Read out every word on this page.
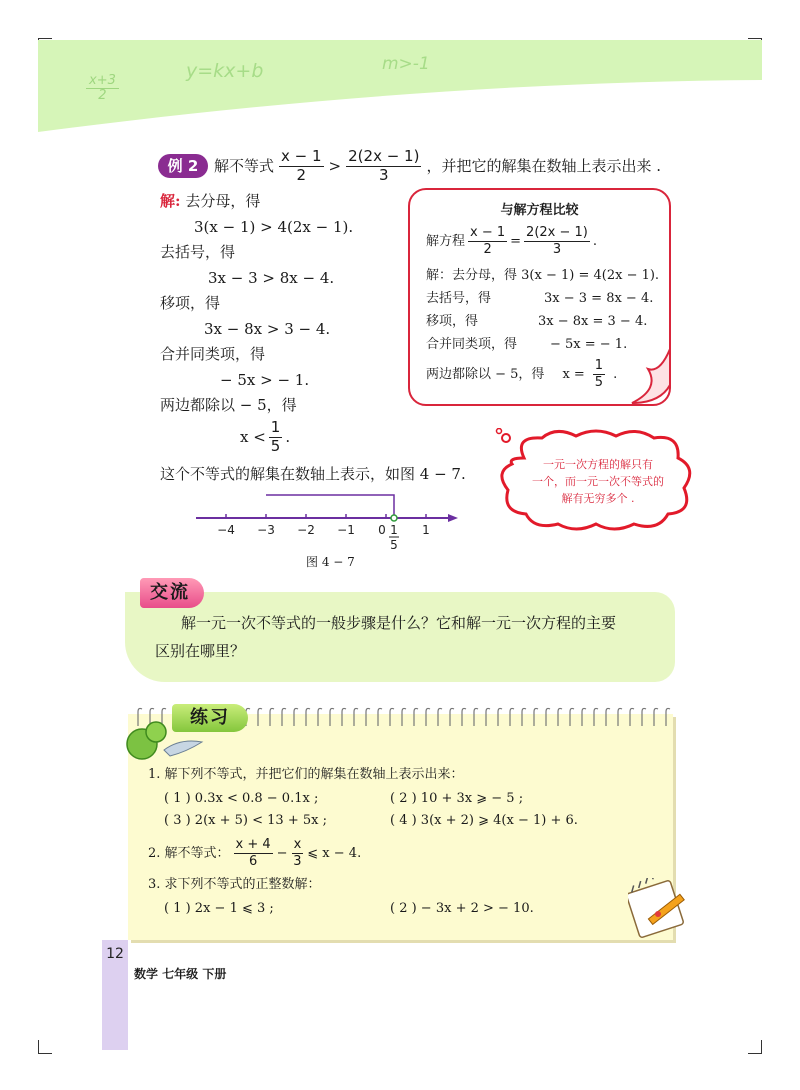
x+3
2
y=kx+b	m>-1
例 2	解不等式 $\frac{x - 1}{2} > \frac{2(2x - 1)}{3}$ ，并把它的解集在数轴上表示出来 .
解: 去分母，得
3(x − 1) > 4(2x − 1).
去括号，得
3x − 3 > 8x − 4.
移项，得
3x − 8x > 3 − 4.
合并同类项，得
− 5x > − 1.
两边都除以 − 5，得
$x < \frac{1}{5}$ .
这个不等式的解集在数轴上表示，如图 4 − 7.
与解方程比较
解方程 $\frac{x - 1}{2} = \frac{2(2x - 1)}{3}$ .
解：去分母，得 3(x − 1) = 4(2x − 1).
去括号，得	3x − 3 = 8x − 4.
移项，得	3x − 8x = 3 − 4.
合并同类项，得	− 5x = − 1.
两边都除以 − 5，得 $x = \frac{1}{5}$ .
一元一次方程的解只有
一个，而一元一次不等式的
解有无穷多个 .
−4 −3 −2 −1 0	1
1
5
图 4 − 7
解一元一次不等式的一般步骤是什么？它和解一元一次方程的主要
区别在哪里？
交流
1. 解下列不等式，并把它们的解集在数轴上表示出来：
( 1 ) 0.3x < 0.8 − 0.1x ;	( 2 ) 10 + 3x ⩾ − 5 ;
( 3 ) 2(x + 5) < 13 + 5x ;	( 4 ) 3(x + 2) ⩾ 4(x − 1) + 6.
2. 解不等式： $\frac{x + 4}{6} - \frac{x}{3}$ ⩽ x − 4.
3. 求下列不等式的正整数解：
( 1 ) 2x − 1 ⩽ 3 ;	( 2 ) − 3x + 2 > − 10.
练习
12
数学 七年级 下册
